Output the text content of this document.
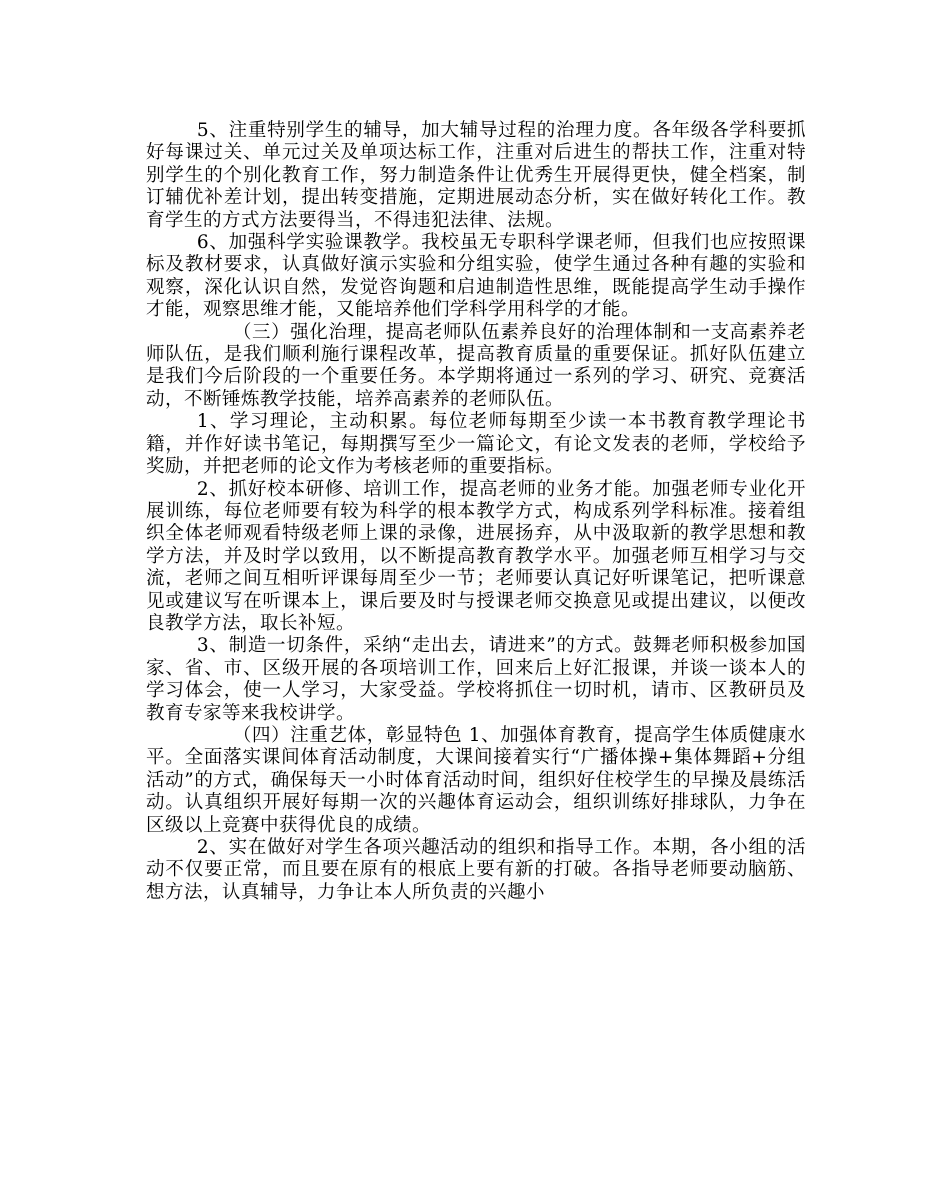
5、注重特别学生的辅导，加大辅导过程的治理力度。各年级各学科要抓好每课过关、单元过关及单项达标工作，注重对后进生的帮扶工作，注重对特别学生的个别化教育工作，努力制造条件让优秀生开展得更快，健全档案，制订辅优补差计划，提出转变措施，定期进展动态分析，实在做好转化工作。教育学生的方式方法要得当，不得违犯法律、法规。

6、加强科学实验课教学。我校虽无专职科学课老师，但我们也应按照课标及教材要求，认真做好演示实验和分组实验，使学生通过各种有趣的实验和观察，深化认识自然，发觉咨询题和启迪制造性思维，既能提高学生动手操作才能，观察思维才能，又能培养他们学科学用科学的才能。

（三）强化治理，提高老师队伍素养良好的治理体制和一支高素养老师队伍，是我们顺利施行课程改革，提高教育质量的重要保证。抓好队伍建立是我们今后阶段的一个重要任务。本学期将通过一系列的学习、研究、竞赛活动，不断锤炼教学技能，培养高素养的老师队伍。

1、学习理论，主动积累。每位老师每期至少读一本书教育教学理论书籍，并作好读书笔记，每期撰写至少一篇论文，有论文发表的老师，学校给予奖励，并把老师的论文作为考核老师的重要指标。

2、抓好校本研修、培训工作，提高老师的业务才能。加强老师专业化开展训练，每位老师要有较为科学的根本教学方式，构成系列学科标准。接着组织全体老师观看特级老师上课的录像，进展扬弃，从中汲取新的教学思想和教学方法，并及时学以致用，以不断提高教育教学水平。加强老师互相学习与交流，老师之间互相听评课每周至少一节；老师要认真记好听课笔记，把听课意见或建议写在听课本上，课后要及时与授课老师交换意见或提出建议，以便改良教学方法，取长补短。

3、制造一切条件，采纳“走出去，请进来”的方式。鼓舞老师积极参加国家、省、市、区级开展的各项培训工作，回来后上好汇报课，并谈一谈本人的学习体会，使一人学习，大家受益。学校将抓住一切时机，请市、区教研员及教育专家等来我校讲学。

（四）注重艺体，彰显特色 1、加强体育教育，提高学生体质健康水平。全面落实课间体育活动制度，大课间接着实行“广播体操+集体舞蹈+分组活动”的方式，确保每天一小时体育活动时间，组织好住校学生的早操及晨练活动。认真组织开展好每期一次的兴趣体育运动会，组织训练好排球队，力争在区级以上竞赛中获得优良的成绩。

2、实在做好对学生各项兴趣活动的组织和指导工作。本期，各小组的活动不仅要正常，而且要在原有的根底上要有新的打破。各指导老师要动脑筋、想方法，认真辅导，力争让本人所负责的兴趣小
